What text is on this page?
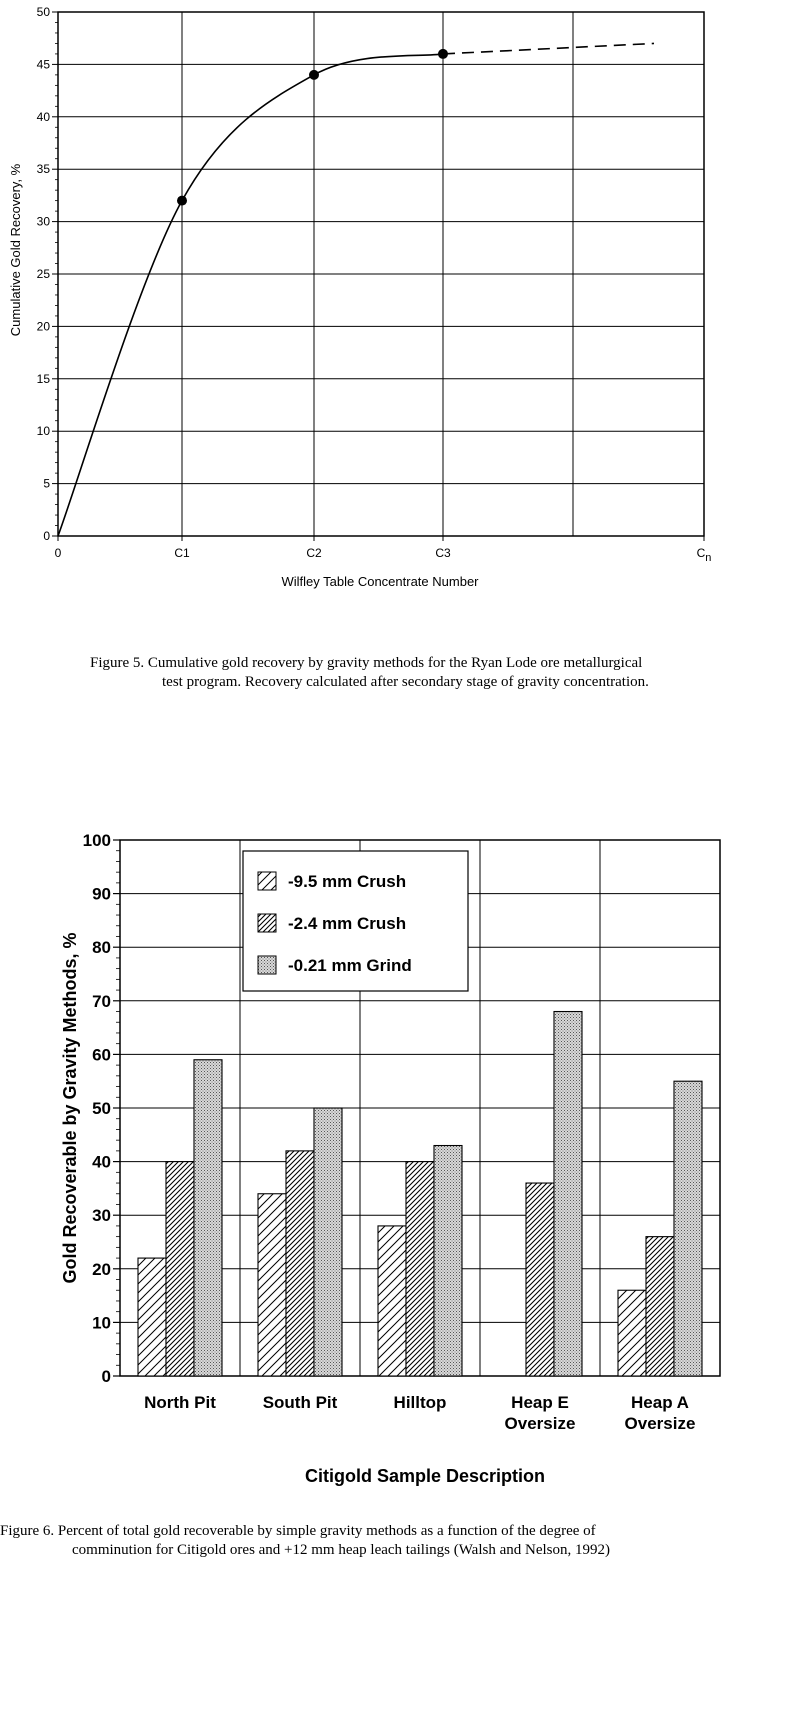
0
5
10
15
20
25
30
35
40
45
50
0	C1	C2	C3	Cn
Wilfley Table Concentrate Number
Cumulative Gold Recovery, %
0
10
20
30
40
50
60
70
80
90
100
North Pit	South Pit	Hilltop	Heap E Oversize
Heap A Oversize
-9.5 mm Crush
-2.4 mm Crush
-0.21 mm Grind
Citigold Sample Description
Gold Recoverable by Gravity Methods, %
Figure 5. Cumulative gold recovery by gravity methods for the Ryan Lode ore metallurgical
test program. Recovery calculated after secondary stage of gravity concentration.
Figure 6. Percent of total gold recoverable by simple gravity methods as a function of the degree of
comminution for Citigold ores and +12 mm heap leach tailings (Walsh and Nelson, 1992)
